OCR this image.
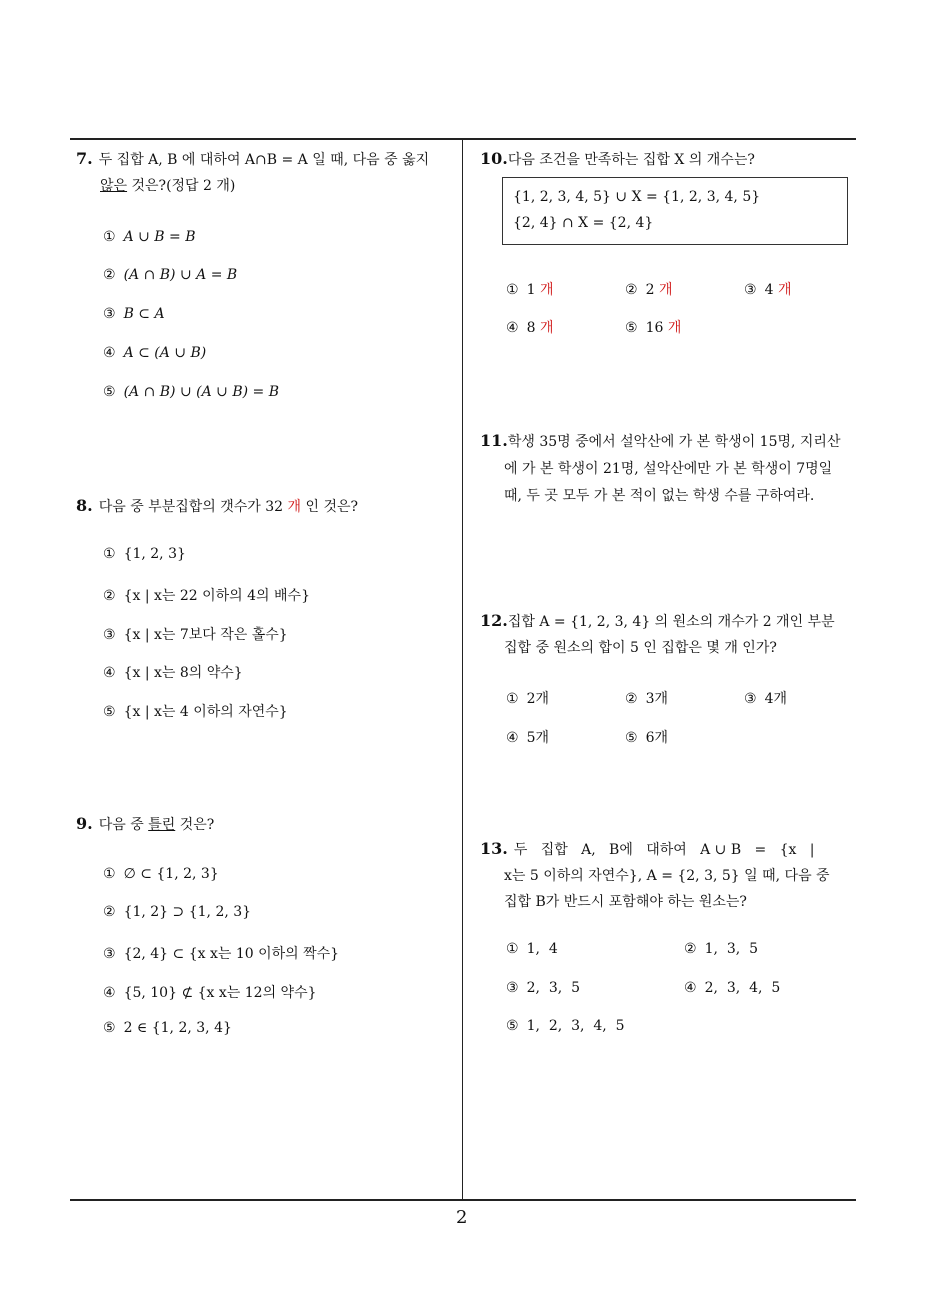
2
7. 두 집합 A, B 에 대하여 A∩B = A 일 때, 다음 중 옳지
않은 것은?(정답 2 개)
① A ∪ B = B
② (A ∩ B) ∪ A = B
③ B ⊂ A
④ A ⊂ (A ∪ B)
⑤ (A ∩ B) ∪ (A ∪ B) = B
8. 다음 중 부분집합의 갯수가 32 개 인 것은?
① {1, 2, 3}
② {x | x는 22 이하의 4의 배수}
③ {x | x는 7보다 작은 홀수}
④ {x | x는 8의 약수}
⑤ {x | x는 4 이하의 자연수}
9. 다음 중 틀린 것은?
① ∅ ⊂ {1, 2, 3}
② {1, 2} ⊃ {1, 2, 3}
③ {2, 4} ⊂ {x x는 10 이하의 짝수}
④ {5, 10} ⊄ {x x는 12의 약수}
⑤ 2 ∈ {1, 2, 3, 4}
10.다음 조건을 만족하는 집합 X 의 개수는?
{1, 2, 3, 4, 5} ∪ X = {1, 2, 3, 4, 5}
{2, 4} ∩ X = {2, 4}
① 1 개	② 2 개	③ 4 개
④ 8 개	⑤ 16 개
11.학생 35명 중에서 설악산에 가 본 학생이 15명, 지리산
에 가 본 학생이 21명, 설악산에만 가 본 학생이 7명일
때, 두 곳 모두 가 본 적이 없는 학생 수를 구하여라.
12.집합 A = {1, 2, 3, 4} 의 원소의 개수가 2 개인 부분
집합 중 원소의 합이 5 인 집합은 몇 개 인가?
① 2개	② 3개	③ 4개
④ 5개	⑤ 6개
13. 두   집합   A,   B에   대하여   A ∪ B   =   {x   |
x는 5 이하의 자연수}, A = {2, 3, 5} 일 때, 다음 중
집합 B가 반드시 포함해야 하는 원소는?
① 1,  4	② 1,  3,  5
③ 2,  3,  5	④ 2,  3,  4,  5
⑤ 1,  2,  3,  4,  5
